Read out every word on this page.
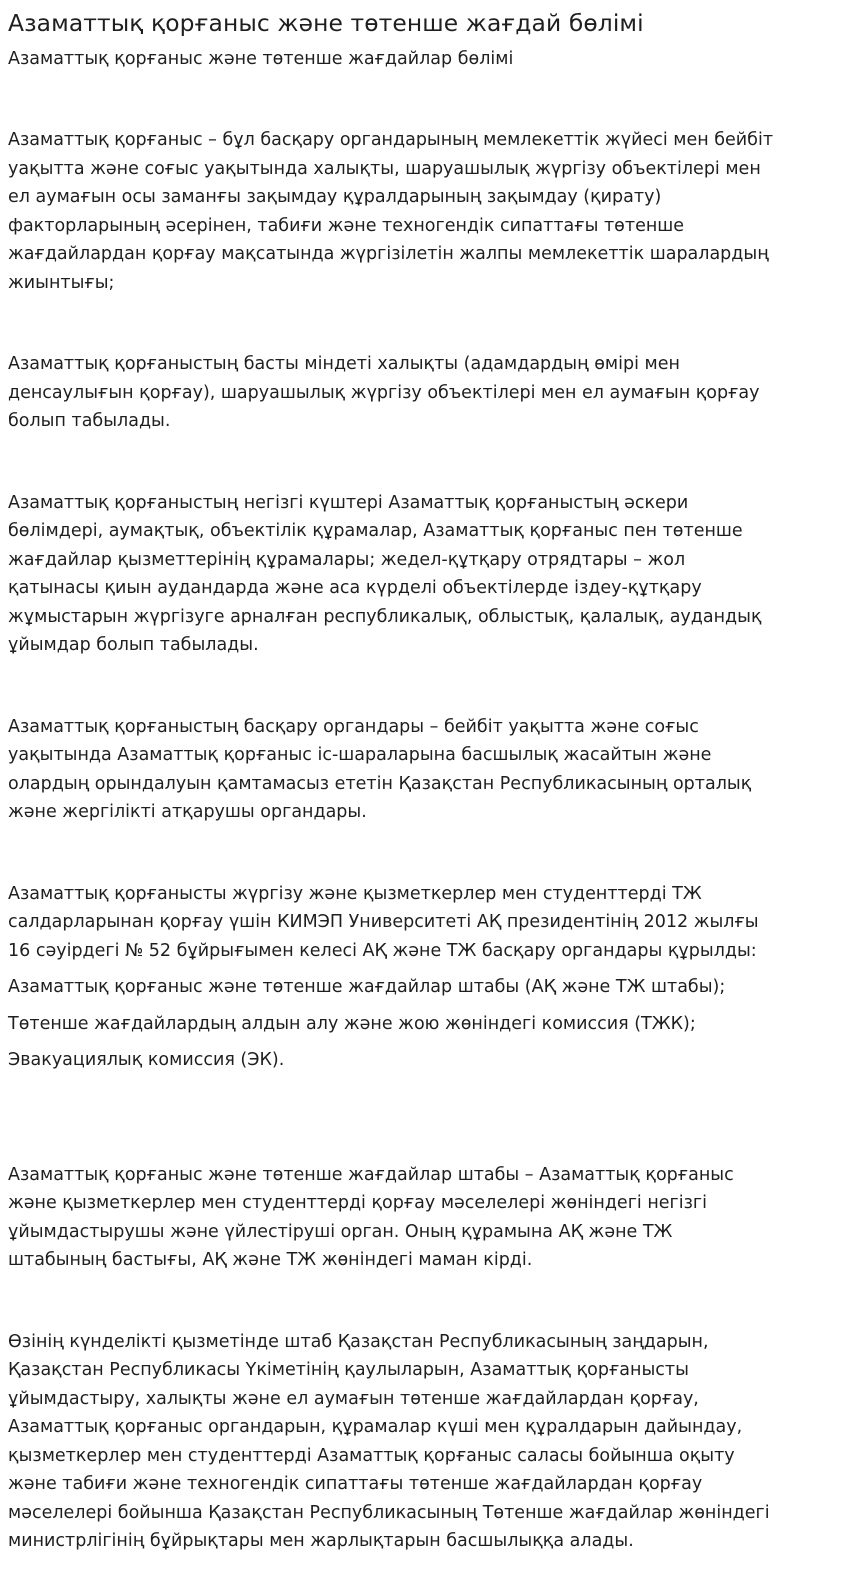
Азаматтық қорғаныс және төтенше жағдай бөлімі
Азаматтық қорғаныс және төтенше жағдайлар бөлімі

Азаматтық қорғаныс – бұл басқару органдарының мемлекеттік жүйесі мен бейбіт

уақытта және соғыс уақытында халықты, шаруашылық жүргізу объектілері мен

ел аумағын осы заманғы зақымдау құралдарының зақымдау (қирату)

факторларының әсерінен, табиғи және техногендік сипаттағы төтенше

жағдайлардан қорғау мақсатында жүргізілетін жалпы мемлекеттік шаралардың

жиынтығы;

Азаматтық қорғаныстың басты міндеті халықты (адамдардың өмірі мен

денсаулығын қорғау), шаруашылық жүргізу объектілері мен ел аумағын қорғау

болып табылады.

Азаматтық қорғаныстың негізгі күштері Азаматтық қорғаныстың әскери

бөлімдері, аумақтық, объектілік құрамалар, Азаматтық қорғаныс пен төтенше

жағдайлар қызметтерінің құрамалары; жедел-құтқару отрядтары – жол

қатынасы қиын аудандарда және аса күрделі объектілерде іздеу-құтқару

жұмыстарын жүргізуге арналған республикалық, облыстық, қалалық, аудандық

ұйымдар болып табылады.

Азаматтық қорғаныстың басқару органдары – бейбіт уақытта және соғыс

уақытында Азаматтық қорғаныс іс-шараларына басшылық жасайтын және

олардың орындалуын қамтамасыз ететін Қазақстан Республикасының орталық

және жергілікті атқарушы органдары.

Азаматтық қорғанысты жүргізу және қызметкерлер мен студенттерді ТЖ

салдарларынан қорғау үшін КИМЭП Университеті АҚ президентінің 2012 жылғы

16 сәуірдегі № 52 бұйрығымен келесі АҚ және ТЖ басқару органдары құрылды:

Азаматтық қорғаныс және төтенше жағдайлар штабы (АҚ және ТЖ штабы);

Төтенше жағдайлардың алдын алу және жою жөніндегі комиссия (ТЖК);

Эвакуациялық комиссия (ЭК).

Азаматтық қорғаныс және төтенше жағдайлар штабы – Азаматтық қорғаныс

және қызметкерлер мен студенттерді қорғау мәселелері жөніндегі негізгі

ұйымдастырушы және үйлестіруші орган. Оның құрамына АҚ және ТЖ

штабының бастығы, АҚ және ТЖ жөніндегі маман кірді.

Өзінің күнделікті қызметінде штаб Қазақстан Республикасының заңдарын,

Қазақстан Республикасы Үкіметінің қаулыларын, Азаматтық қорғанысты

ұйымдастыру, халықты және ел аумағын төтенше жағдайлардан қорғау,

Азаматтық қорғаныс органдарын, құрамалар күші мен құралдарын дайындау,

қызметкерлер мен студенттерді Азаматтық қорғаныс саласы бойынша оқыту

және табиғи және техногендік сипаттағы төтенше жағдайлардан қорғау

мәселелері бойынша Қазақстан Республикасының Төтенше жағдайлар жөніндегі

министрлігінің бұйрықтары мен жарлықтарын басшылыққа алады.
